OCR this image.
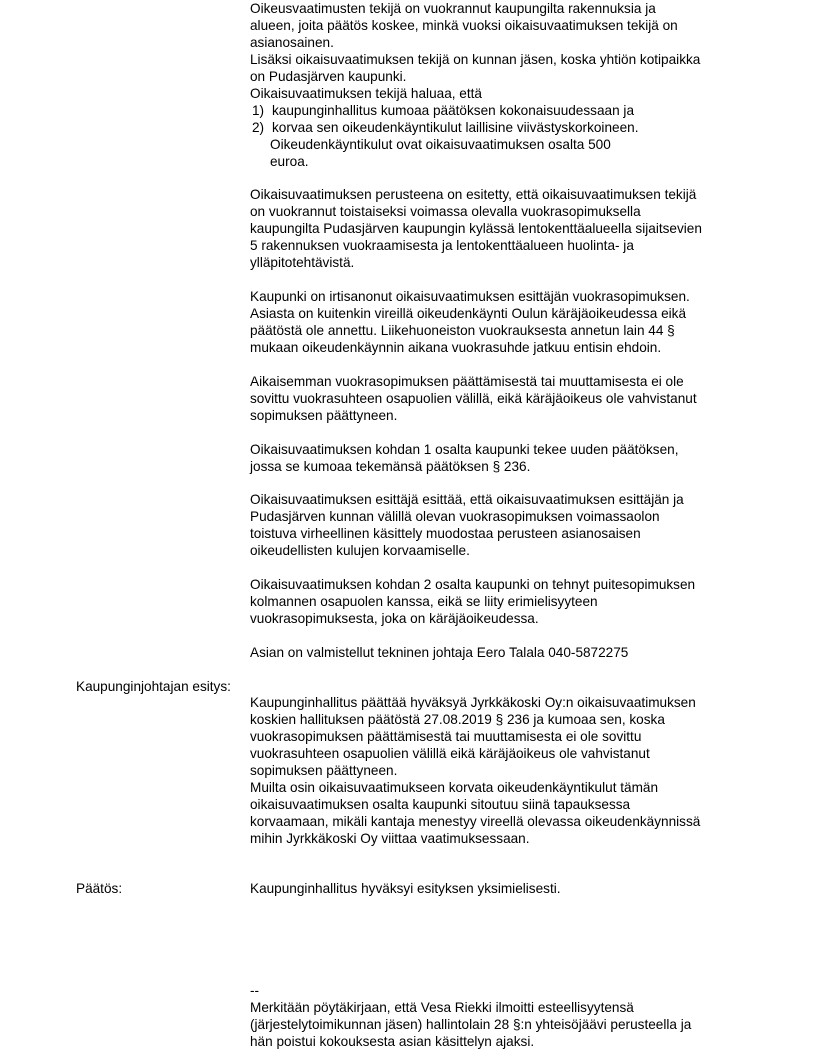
Oikeusvaatimusten tekijä on vuokrannut kaupungilta rakennuksia ja
alueen, joita päätös koskee, minkä vuoksi oikaisuvaatimuksen tekijä on
asianosainen.
Lisäksi oikaisuvaatimuksen tekijä on kunnan jäsen, koska yhtiön kotipaikka
on Pudasjärven kaupunki.
Oikaisuvaatimuksen tekijä haluaa, että
1) kaupunginhallitus kumoaa päätöksen kokonaisuudessaan ja
2) korvaa sen oikeudenkäyntikulut laillisine viivästyskorkoineen.
Oikeudenkäyntikulut ovat oikaisuvaatimuksen osalta 500
euroa.
Oikaisuvaatimuksen perusteena on esitetty, että oikaisuvaatimuksen tekijä
on vuokrannut toistaiseksi voimassa olevalla vuokrasopimuksella
kaupungilta Pudasjärven kaupungin kylässä lentokenttäalueella sijaitsevien
5 rakennuksen vuokraamisesta ja lentokenttäalueen huolinta- ja
ylläpitotehtävistä.
Kaupunki on irtisanonut oikaisuvaatimuksen esittäjän vuokrasopimuksen.
Asiasta on kuitenkin vireillä oikeudenkäynti Oulun käräjäoikeudessa eikä
päätöstä ole annettu. Liikehuoneiston vuokrauksesta annetun lain 44 §
mukaan oikeudenkäynnin aikana vuokrasuhde jatkuu entisin ehdoin.
Aikaisemman vuokrasopimuksen päättämisestä tai muuttamisesta ei ole
sovittu vuokrasuhteen osapuolien välillä, eikä käräjäoikeus ole vahvistanut
sopimuksen päättyneen.
Oikaisuvaatimuksen kohdan 1 osalta kaupunki tekee uuden päätöksen,
jossa se kumoaa tekemänsä päätöksen § 236.
Oikaisuvaatimuksen esittäjä esittää, että oikaisuvaatimuksen esittäjän ja
Pudasjärven kunnan välillä olevan vuokrasopimuksen voimassaolon
toistuva virheellinen käsittely muodostaa perusteen asianosaisen
oikeudellisten kulujen korvaamiselle.
Oikaisuvaatimuksen kohdan 2 osalta kaupunki on tehnyt puitesopimuksen
kolmannen osapuolen kanssa, eikä se liity erimielisyyteen
vuokrasopimuksesta, joka on käräjäoikeudessa.
Asian on valmistellut tekninen johtaja Eero Talala 040-5872275
Kaupunginjohtajan esitys:
Kaupunginhallitus päättää hyväksyä Jyrkkäkoski Oy:n oikaisuvaatimuksen
koskien hallituksen päätöstä 27.08.2019 § 236 ja kumoaa sen, koska
vuokrasopimuksen päättämisestä tai muuttamisesta ei ole sovittu
vuokrasuhteen osapuolien välillä eikä käräjäoikeus ole vahvistanut
sopimuksen päättyneen.
Muilta osin oikaisuvaatimukseen korvata oikeudenkäyntikulut tämän
oikaisuvaatimuksen osalta kaupunki sitoutuu siinä tapauksessa
korvaamaan, mikäli kantaja menestyy vireellä olevassa oikeudenkäynnissä
mihin Jyrkkäkoski Oy viittaa vaatimuksessaan.
Päätös:	Kaupunginhallitus hyväksyi esityksen yksimielisesti.
--
Merkitään pöytäkirjaan, että Vesa Riekki ilmoitti esteellisyytensä
(järjestelytoimikunnan jäsen) hallintolain 28 §:n yhteisöjäävi perusteella ja
hän poistui kokouksesta asian käsittelyn ajaksi.
